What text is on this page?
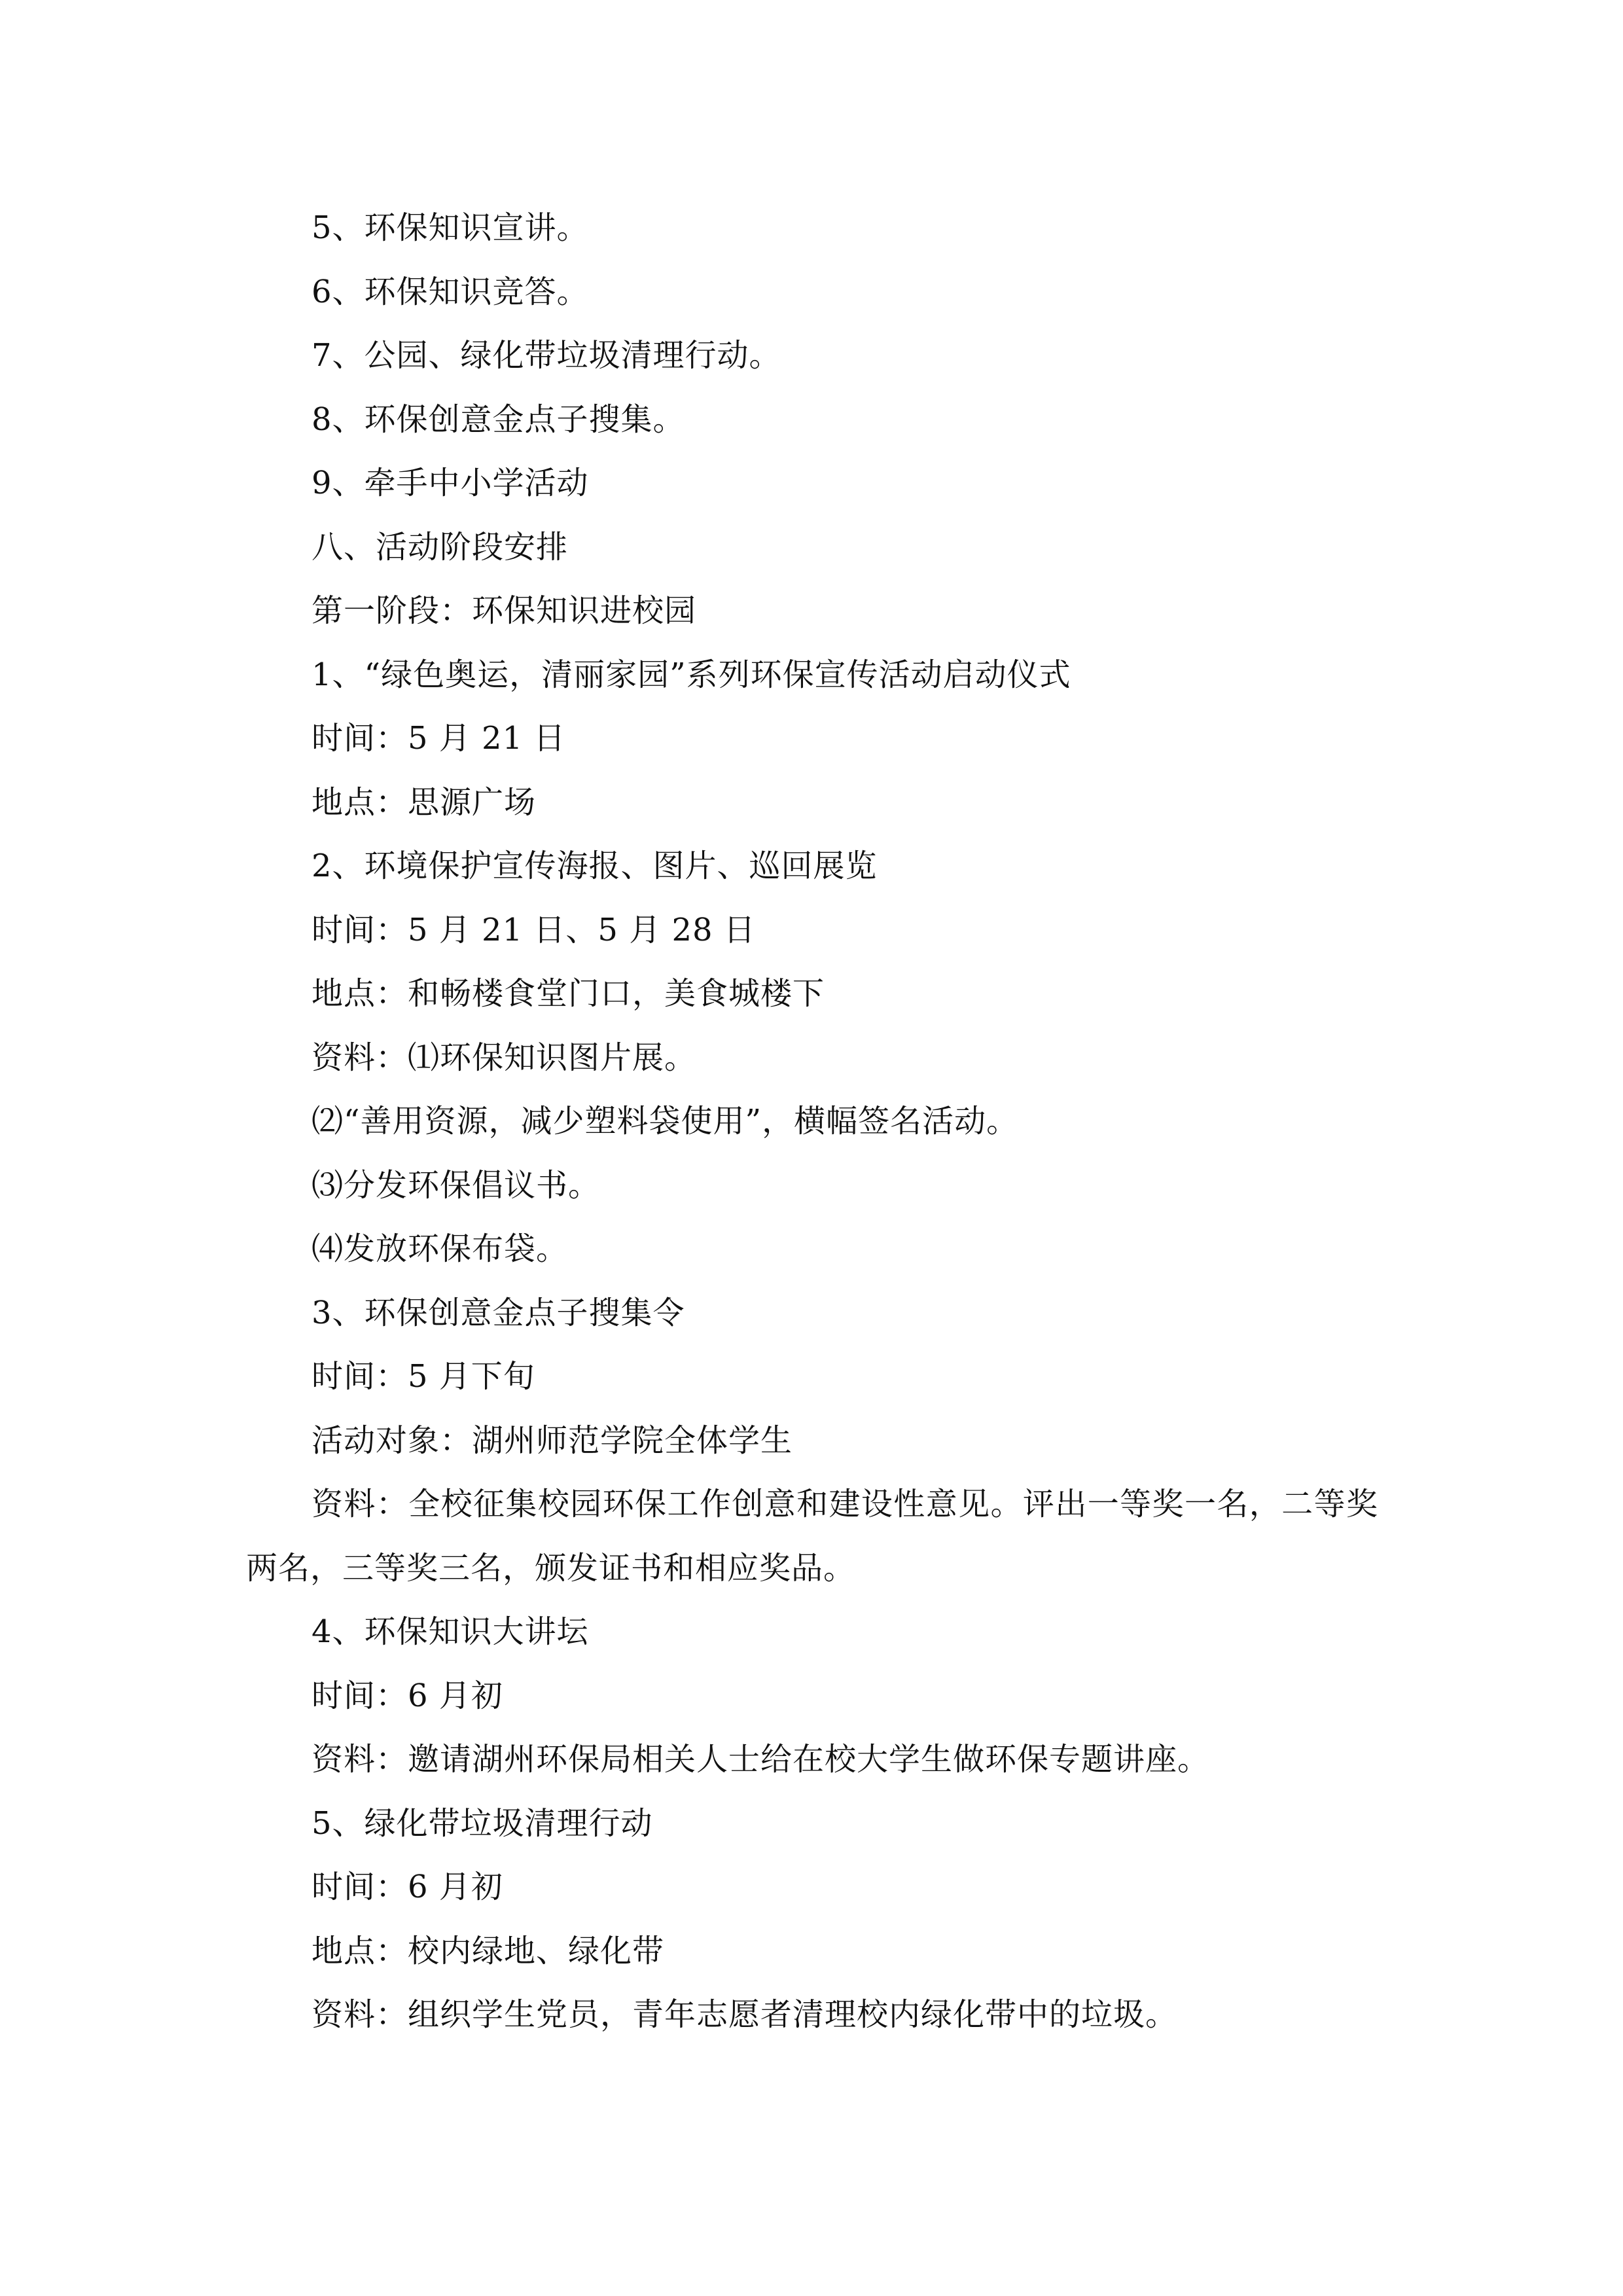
5、环保知识宣讲。

6、环保知识竞答。

7、公园、绿化带垃圾清理行动。

8、环保创意金点子搜集。

9、牵手中小学活动

八、活动阶段安排

第一阶段：环保知识进校园

1、“绿色奥运，清丽家园”系列环保宣传活动启动仪式

时间：5 月 21 日

地点：思源广场

2、环境保护宣传海报、图片、巡回展览

时间：5 月 21 日、5 月 28 日

地点：和畅楼食堂门口，美食城楼下

资料：⑴环保知识图片展。

⑵“善用资源，减少塑料袋使用”，横幅签名活动。

⑶分发环保倡议书。

⑷发放环保布袋。

3、环保创意金点子搜集令

时间：5 月下旬

活动对象：湖州师范学院全体学生

资料：全校征集校园环保工作创意和建设性意见。评出一等奖一名，二等奖两名，三等奖三名，颁发证书和相应奖品。

4、环保知识大讲坛

时间：6 月初

资料：邀请湖州环保局相关人士给在校大学生做环保专题讲座。

5、绿化带垃圾清理行动

时间：6 月初

地点：校内绿地、绿化带

资料：组织学生党员，青年志愿者清理校内绿化带中的垃圾。
